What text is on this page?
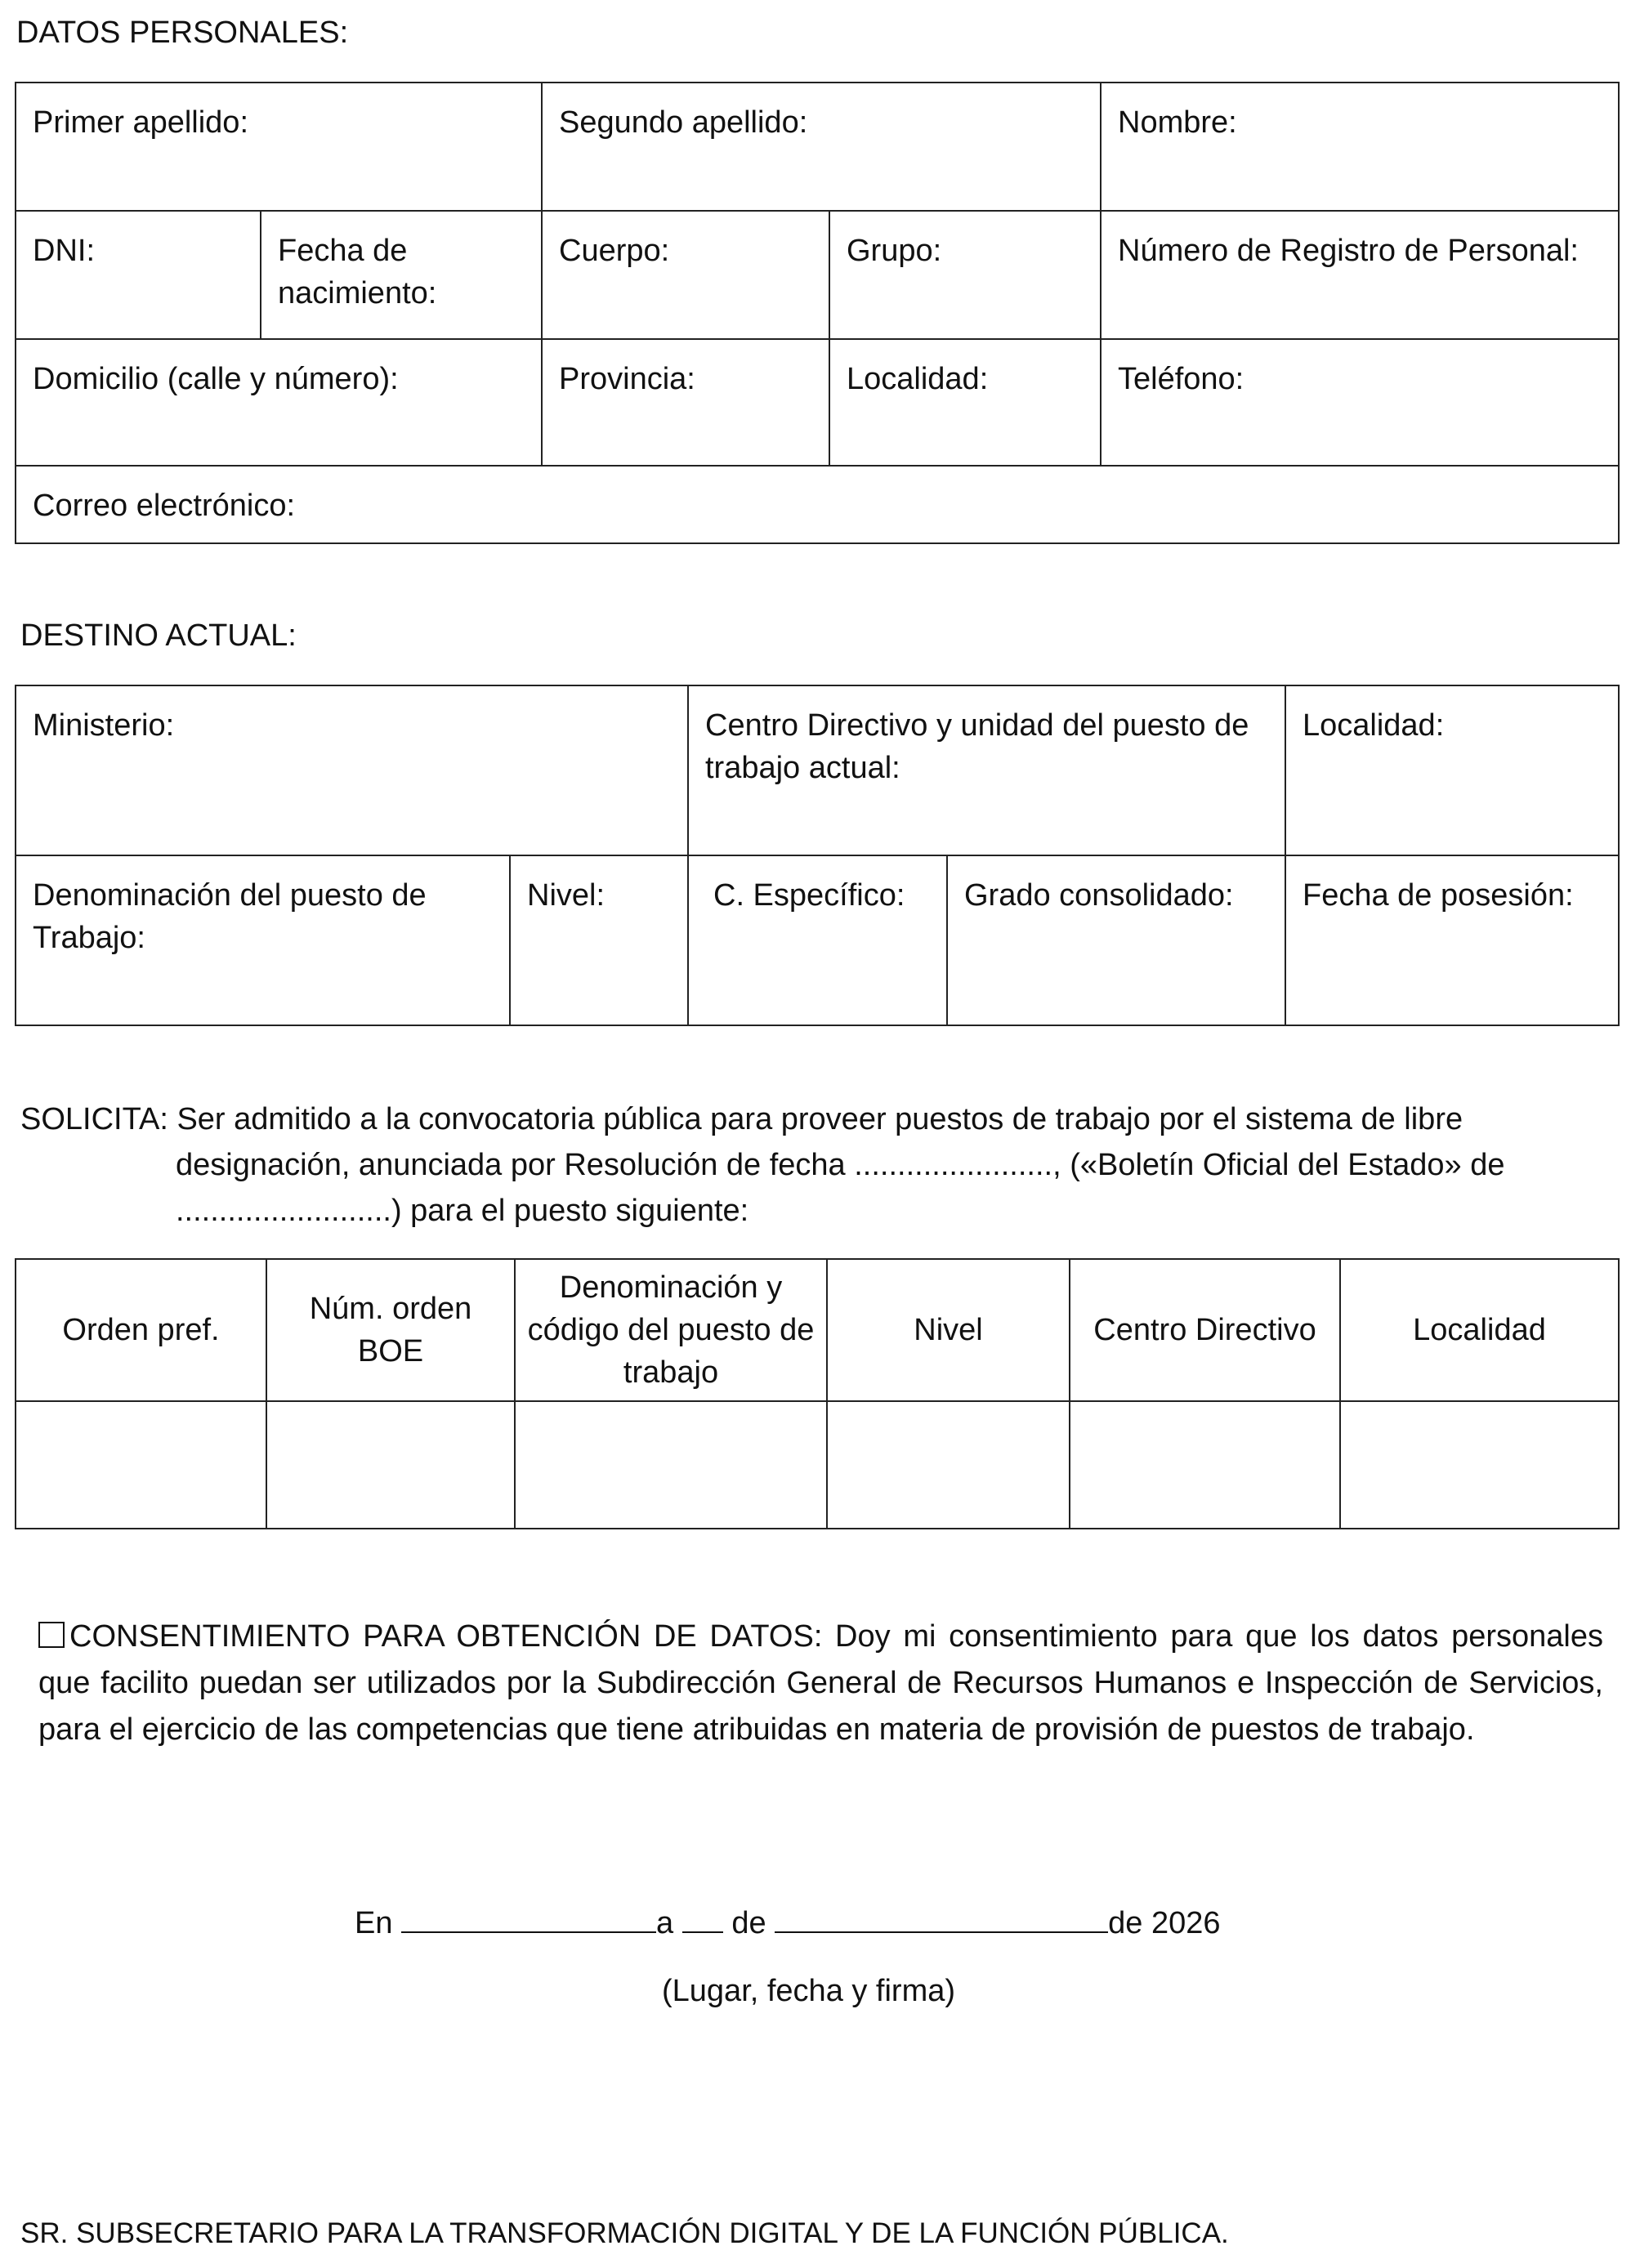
DATOS PERSONALES:
Primer apellido:		Segundo apellido:		Nombre:
DNI:	Fecha de nacimiento:	Cuerpo:	Grupo:	Número de Registro de Personal:
Domicilio (calle y número):		Provincia:	Localidad:	Teléfono:
Correo electrónico:				
DESTINO ACTUAL:
Ministerio:		Centro Directivo y unidad del puesto de trabajo actual:		Localidad:
Denominación del puesto de Trabajo:	Nivel:	C. Específico:	Grado consolidado:	Fecha de posesión:
SOLICITA: Ser admitido a la convocatoria pública para proveer puestos de trabajo por el sistema de libre
designación, anunciada por Resolución de fecha ......................., («Boletín Oficial del Estado» de
.........................) para el puesto siguiente:
Orden pref.	Núm. orden BOE	Denominación y código del puesto de trabajo	Nivel	Centro Directivo	Localidad

CONSENTIMIENTO PARA OBTENCIÓN DE DATOS: Doy mi consentimiento para que los datos personales que facilito puedan ser utilizados por la Subdirección General de Recursos Humanos e Inspección de Servicios, para el ejercicio de las competencias que tiene atribuidas en materia de provisión de puestos de trabajo.
En	a de	de 2026
(Lugar, fecha y firma)
SR. SUBSECRETARIO PARA LA TRANSFORMACIÓN DIGITAL Y DE LA FUNCIÓN PÚBLICA.
